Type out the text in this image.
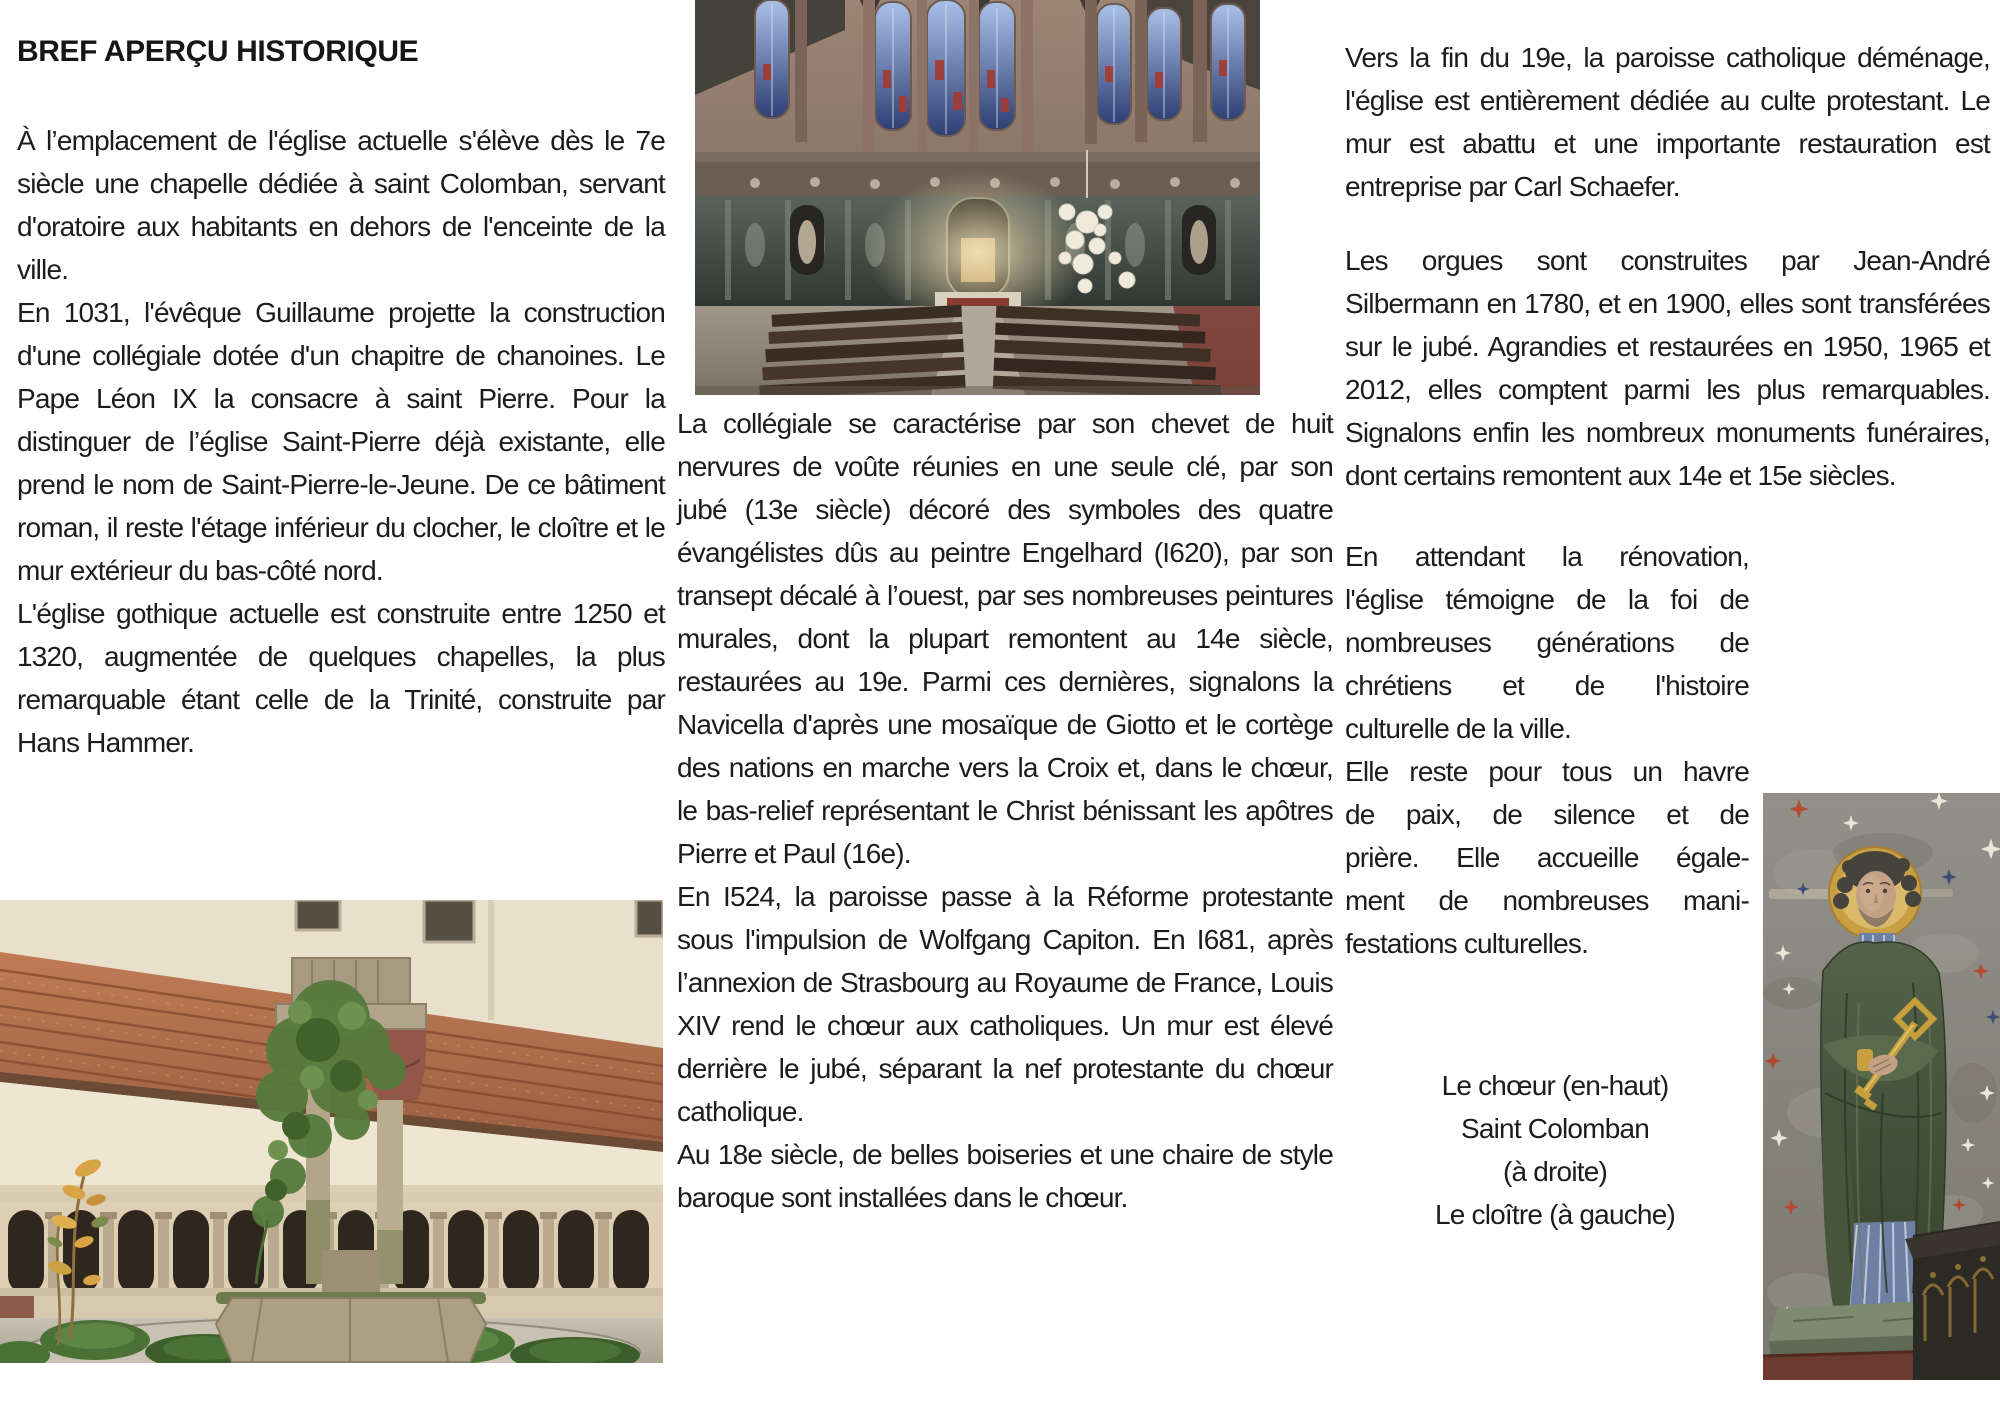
BREF APERÇU HISTORIQUE

À l’emplacement de l'église actuelle s'élève dès le 7e siècle une chapelle dédiée à saint Colomban, servant d'oratoire aux habitants en dehors de l'enceinte de la ville.

En 1031, l'évêque Guillaume projette la construction d'une collégiale dotée d'un chapitre de chanoines. Le Pape Léon IX la consacre à saint Pierre. Pour la distinguer de l’église Saint-Pierre déjà existante, elle prend le nom de Saint-Pierre-le-Jeune. De ce bâtiment roman, il reste l'étage inférieur du clocher, le cloître et le mur extérieur du bas-côté nord.

L'église gothique actuelle est construite entre 1250 et 1320, augmentée de quelques chapelles, la plus remarquable étant celle de la Trinité, construite par Hans Hammer.

La collégiale se caractérise par son chevet de huit nervures de voûte réunies en une seule clé, par son jubé (13e siècle) décoré des symboles des quatre évangélistes dûs au peintre Engelhard (I620), par son transept décalé à l’ouest, par ses nombreuses peintures murales, dont la plupart remontent au 14e siècle, restaurées au 19e. Parmi ces dernières, signalons la Navicella d'après une mosaïque de Giotto et le cortège des nations en marche vers la Croix et, dans le chœur, le bas-relief représentant le Christ bénissant les apôtres Pierre et Paul (16e).

En I524, la paroisse passe à la Réforme protestante sous l'impulsion de Wolfgang Capiton. En I681, après l’annexion de Strasbourg au Royaume de France, Louis XIV rend le chœur aux catholiques. Un mur est élevé derrière le jubé, séparant la nef protestante du chœur catholique.

Au 18e siècle, de belles boiseries et une chaire de style baroque sont installées dans le chœur.

Vers la fin du 19e, la paroisse catholique déménage, l'église est entièrement dédiée au culte protestant. Le mur est abattu et une importante restauration est entreprise par Carl Schaefer.

Les orgues sont construites par Jean-André Silbermann en 1780, et en 1900, elles sont transférées sur le jubé. Agrandies et restaurées en 1950, 1965 et 2012, elles comptent parmi les plus remarquables. Signalons enfin les nombreux monuments funéraires, dont certains remontent aux 14e et 15e siècles.

En attendant la rénovation,
l'église témoigne de la foi de
nombreuses générations de
chrétiens et de l'histoire
culturelle de la ville.
Elle reste pour tous un havre
de paix, de silence et de
prière. Elle accueille égale-
ment de nombreuses mani-
festations culturelles.
Le chœur (en-haut)
Saint Colomban
(à droite)
Le cloître (à gauche)
